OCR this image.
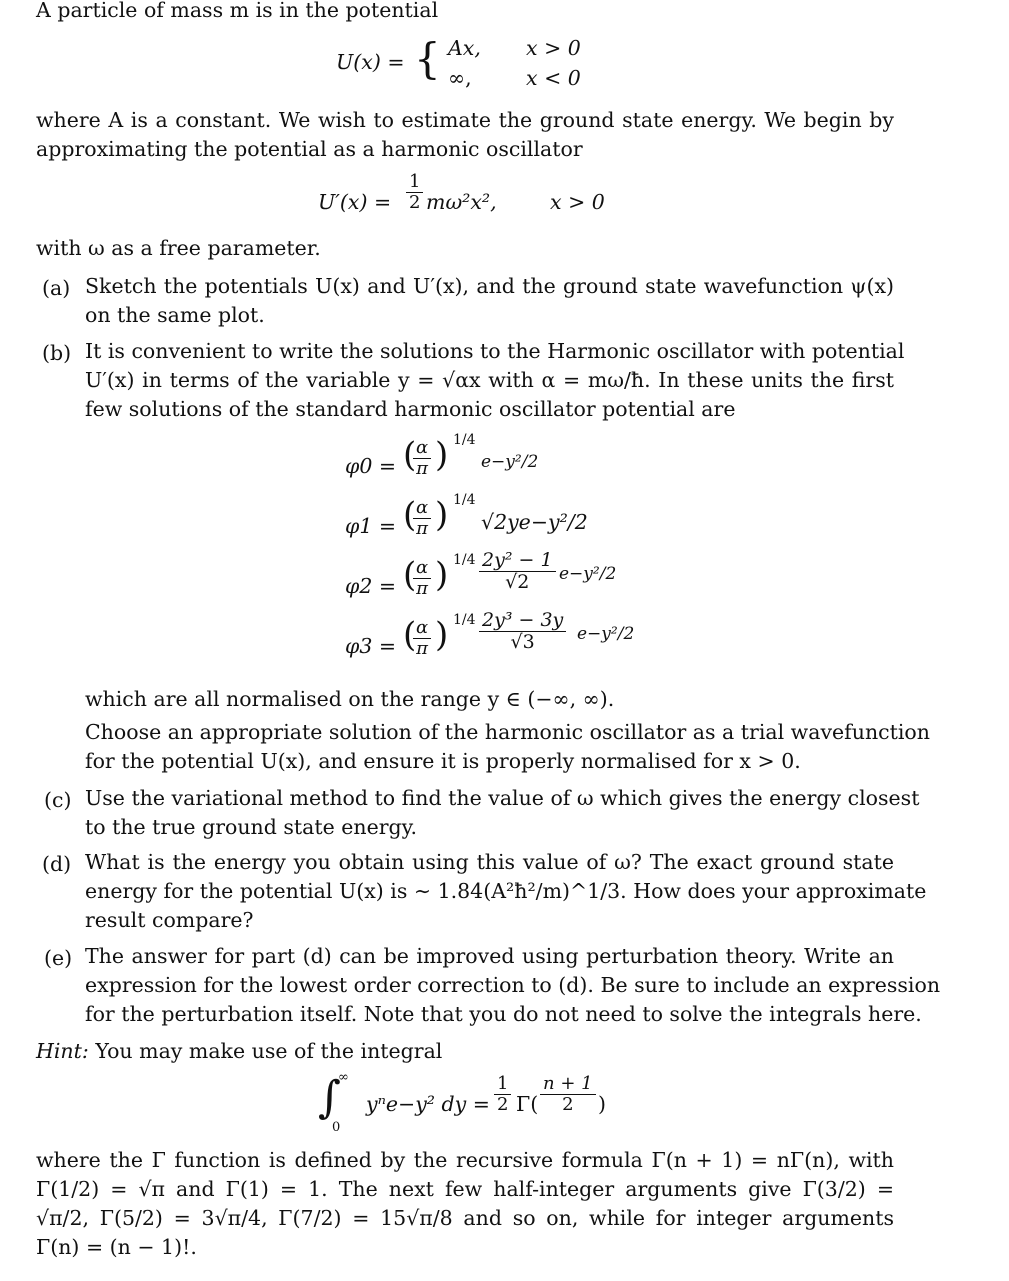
A particle of mass m is in the potential
U(x) = { Ax, x > 0
∞,	x < 0
where A is a constant. We wish to estimate the ground state energy. We begin by
approximating the potential as a harmonic oscillator
$U'(x) = \frac{1}{2} m\omega^2x^2$,	x > 0
with ω as a free parameter.
(a) Sketch the potentials U(x) and U′(x), and the ground state wavefunction ψ(x)
on the same plot.
(b) It is convenient to write the solutions to the Harmonic oscillator with potential
U′(x) in terms of the variable y = √αx with α = mω/ħ. In these units the first
few solutions of the standard harmonic oscillator potential are
φ0 = (
$\frac{\alpha}{\pi}$ ) 1/4
e−y²/2
φ1 = (
$\frac{\alpha}{\pi}$ ) 1/4
√2ye−y²/2
φ2 = (
$\frac{\alpha}{\pi}$ ) $1/4 \frac{\text{2y² − 1}}{√2} e-y^2/2$
φ3 = (
$\frac{\alpha}{\pi}$ ) $1/4 \frac{\text{2y³ − 3y}}{√3} e-y^2/2$
which are all normalised on the range y ∈ (−∞, ∞).
Choose an appropriate solution of the harmonic oscillator as a trial wavefunction
for the potential U(x), and ensure it is properly normalised for x > 0.
(c) Use the variational method to find the value of ω which gives the energy closest
to the true ground state energy.
(d) What is the energy you obtain using this value of ω? The exact ground state
energy for the potential U(x) is ∼ 1.84(A²ħ²/m)^1/3. How does your approximate
result compare?
(e) The answer for part (d) can be improved using perturbation theory. Write an
expression for the lowest order correction to (d). Be sure to include an expression
for the perturbation itself. Note that you do not need to solve the integrals here.
Hint: You may make use of the integral
∞
∫
0
yⁿe−y² dy = $\frac{1}{2} \Gamma( \frac{n + 1}{2}$ )
where the Γ function is defined by the recursive formula Γ(n + 1) = nΓ(n), with
Γ(1/2) = √π and Γ(1) = 1. The next few half-integer arguments give Γ(3/2) =
√π/2, Γ(5/2) = 3√π/4, Γ(7/2) = 15√π/8 and so on, while for integer arguments
Γ(n) = (n − 1)!.
